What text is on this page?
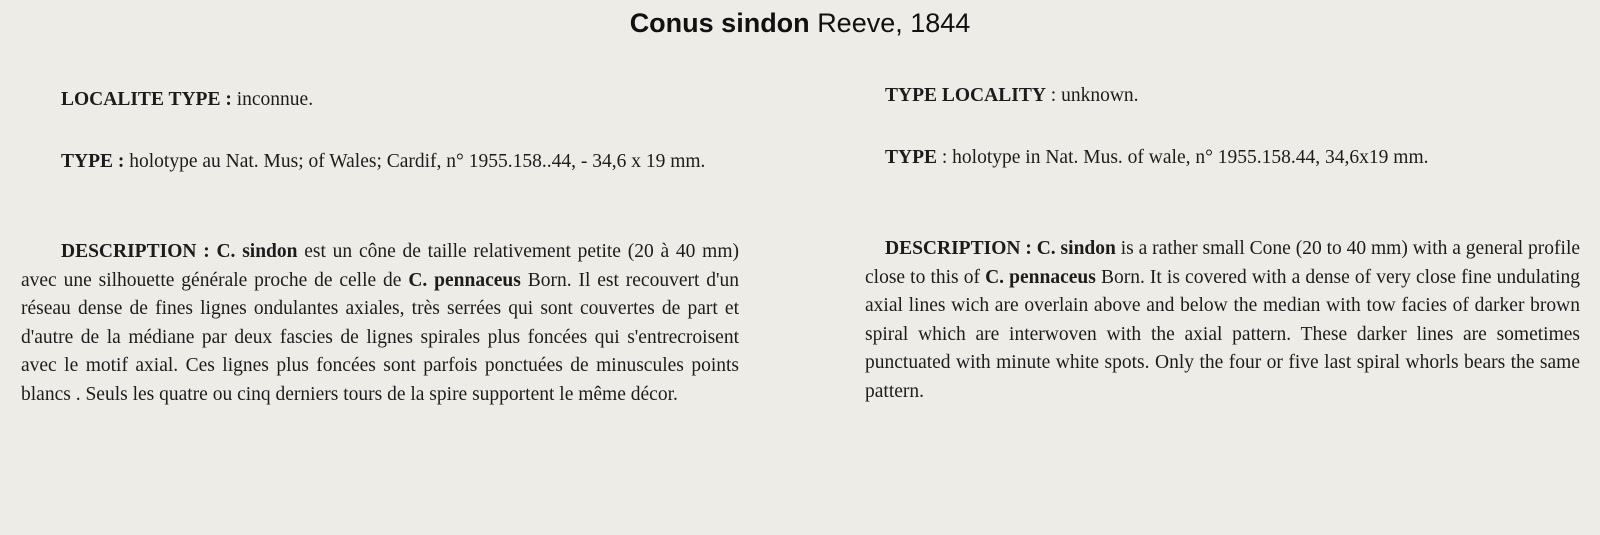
Conus sindon Reeve, 1844
LOCALITE TYPE : inconnue.
TYPE : holotype au Nat. Mus; of Wales; Cardif, n° 1955.158..44, - 34,6 x 19 mm.
DESCRIPTION : C. sindon est un cône de taille relativement petite (20 à 40 mm) avec une silhouette générale proche de celle de C. pennaceus Born. Il est recouvert d'un réseau dense de fines lignes ondulantes axiales, très serrées qui sont couvertes de part et d'autre de la médiane par deux fascies de lignes spirales plus foncées qui s'entrecroisent avec le motif axial. Ces lignes plus foncées sont parfois ponctuées de minuscules points blancs . Seuls les quatre ou cinq derniers tours de la spire supportent le même décor.
TYPE LOCALITY : unknown.
TYPE : holotype in Nat. Mus. of wale, n° 1955.158.44, 34,6x19 mm.
DESCRIPTION : C. sindon is a rather small Cone (20 to 40 mm) with a general profile close to this of C. pennaceus Born. It is covered with a dense of very close fine undulating axial lines wich are overlain above and below the median with tow facies of darker brown spiral which are interwoven with the axial pattern. These darker lines are sometimes punctuated with minute white spots. Only the four or five last spiral whorls bears the same pattern.
